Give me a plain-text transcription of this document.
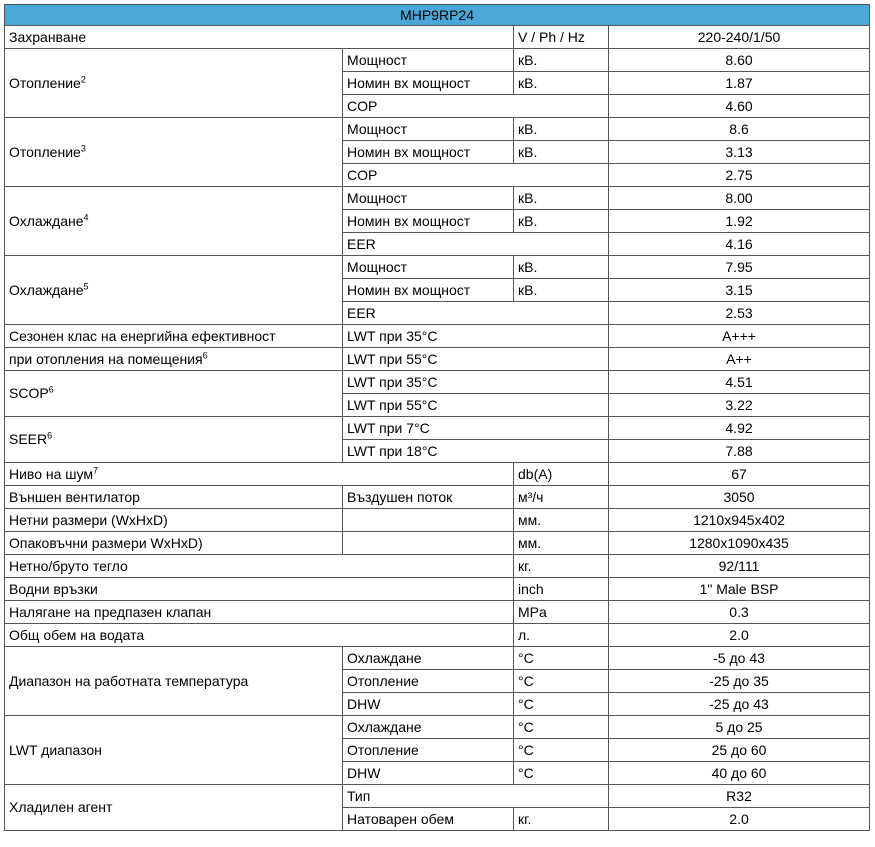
MHP9RP24			
Захранване		V / Ph / Hz	220-240/1/50
Отопление$^2$	Мощност	кВ.	8.60
	Номин вх мощност	кВ.	1.87
	COP		4.60
Отопление$^3$	Мощност	кВ.	8.6
	Номин вх мощност	кВ.	3.13
	COP		2.75
Охлаждане$^4$	Мощност	кВ.	8.00
	Номин вх мощност	кВ.	1.92
	EER		4.16
Охлаждане$^5$	Мощност	кВ.	7.95
	Номин вх мощност	кВ.	3.15
	EER		2.53
Сезонен клас на енергийна ефективност	LWT при 35°C		A+++
при отопления на помещения$^6$	LWT при 55°C		A++
$SCOP^6$	LWT при 35°C		4.51
	LWT при 55°C		3.22
SEER$^6$	LWT при 7°C		4.92
	LWT при 18°C		7.88
Ниво на шум$^7$		db(A)	67
Външен вентилатор	Въздушен поток	м³/ч	3050
Нетни размери (WxHxD)		мм.	1210x945x402
Опаковъчни размери WxHxD)		мм.	1280x1090x435
Нетно/бруто тегло		кг.	92/111
Водни връзки		inch	1" Male BSP
Налягане на предпазен клапан		MPa	0.3
Общ обем на водата		л.	2.0
Диапазон на работната температура	Охлаждане	°C	-5 до 43
	Отопление	°C	-25 до 35
	DHW	°C	-25 до 43
LWT диапазон	Охлаждане	°C	5 до 25
	Отопление	°C	25 до 60
	DHW	°C	40 до 60
Хладилен агент	Тип		R32
	Натоварен обем	кг.	2.0
